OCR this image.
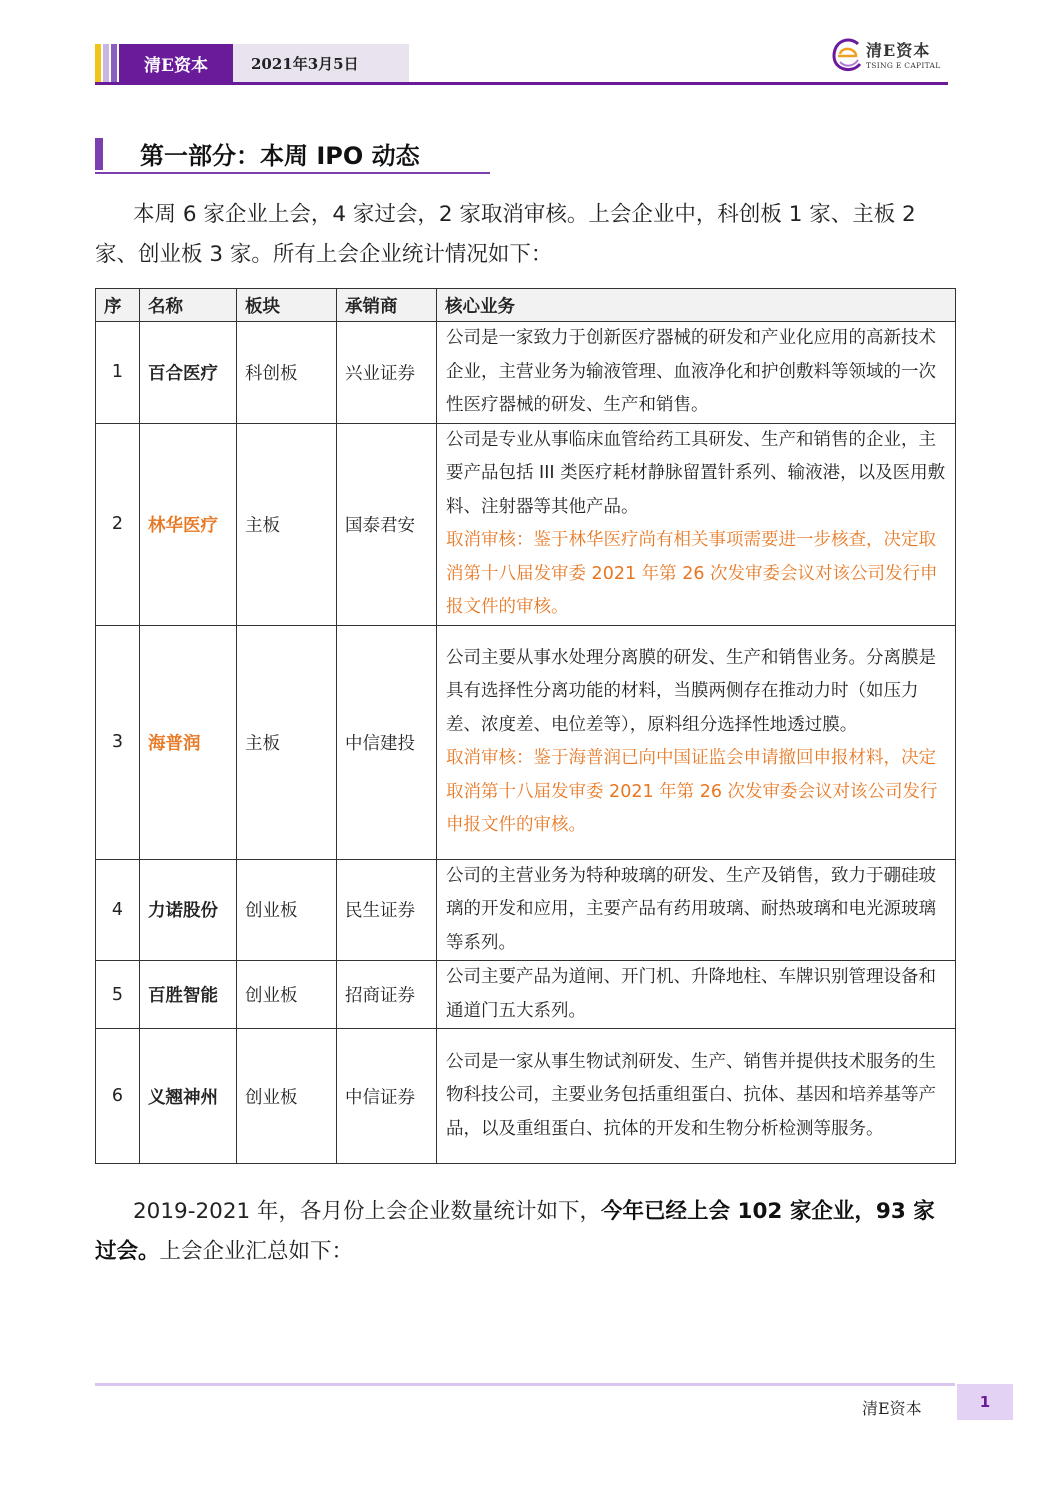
清E资本	2021年3月5日
清E资本
TSING E CAPITAL
第一部分：本周 IPO 动态
本周 6 家企业上会，4 家过会，2 家取消审核。上会企业中，科创板 1 家、主板 2 家、创业板 3 家。所有上会企业统计情况如下：
序	名称	板块	承销商	核心业务
1	百合医疗	科创板	兴业证券	公司是一家致力于创新医疗器械的研发和产业化应用的高新技术企业，主营业务为输液管理、血液净化和护创敷料等领域的一次性医疗器械的研发、生产和销售。

2	林华医疗	主板	国泰君安	公司是专业从事临床血管给药工具研发、生产和销售的企业，主要产品包括 III 类医疗耗材静脉留置针系列、输液港，以及医用敷料、注射器等其他产品。
取消审核：鉴于林华医疗尚有相关事项需要进一步核查，决定取消第十八届发审委 2021 年第 26 次发审委会议对该公司发行申报文件的审核。

3	海普润	主板	中信建投	公司主要从事水处理分离膜的研发、生产和销售业务。分离膜是具有选择性分离功能的材料，当膜两侧存在推动力时（如压力差、浓度差、电位差等），原料组分选择性地透过膜。
取消审核：鉴于海普润已向中国证监会申请撤回申报材料，决定取消第十八届发审委 2021 年第 26 次发审委会议对该公司发行申报文件的审核。

4	力诺股份	创业板	民生证券	公司的主营业务为特种玻璃的研发、生产及销售，致力于硼硅玻璃的开发和应用，主要产品有药用玻璃、耐热玻璃和电光源玻璃等系列。

5	百胜智能	创业板	招商证券	公司主要产品为道闸、开门机、升降地柱、车牌识别管理设备和通道门五大系列。

6	义翘神州	创业板	中信证券	公司是一家从事生物试剂研发、生产、销售并提供技术服务的生物科技公司，主要业务包括重组蛋白、抗体、基因和培养基等产品，以及重组蛋白、抗体的开发和生物分析检测等服务。
2019-2021 年，各月份上会企业数量统计如下，今年已经上会 102 家企业，93 家过会。上会企业汇总如下：
清E资本	1
